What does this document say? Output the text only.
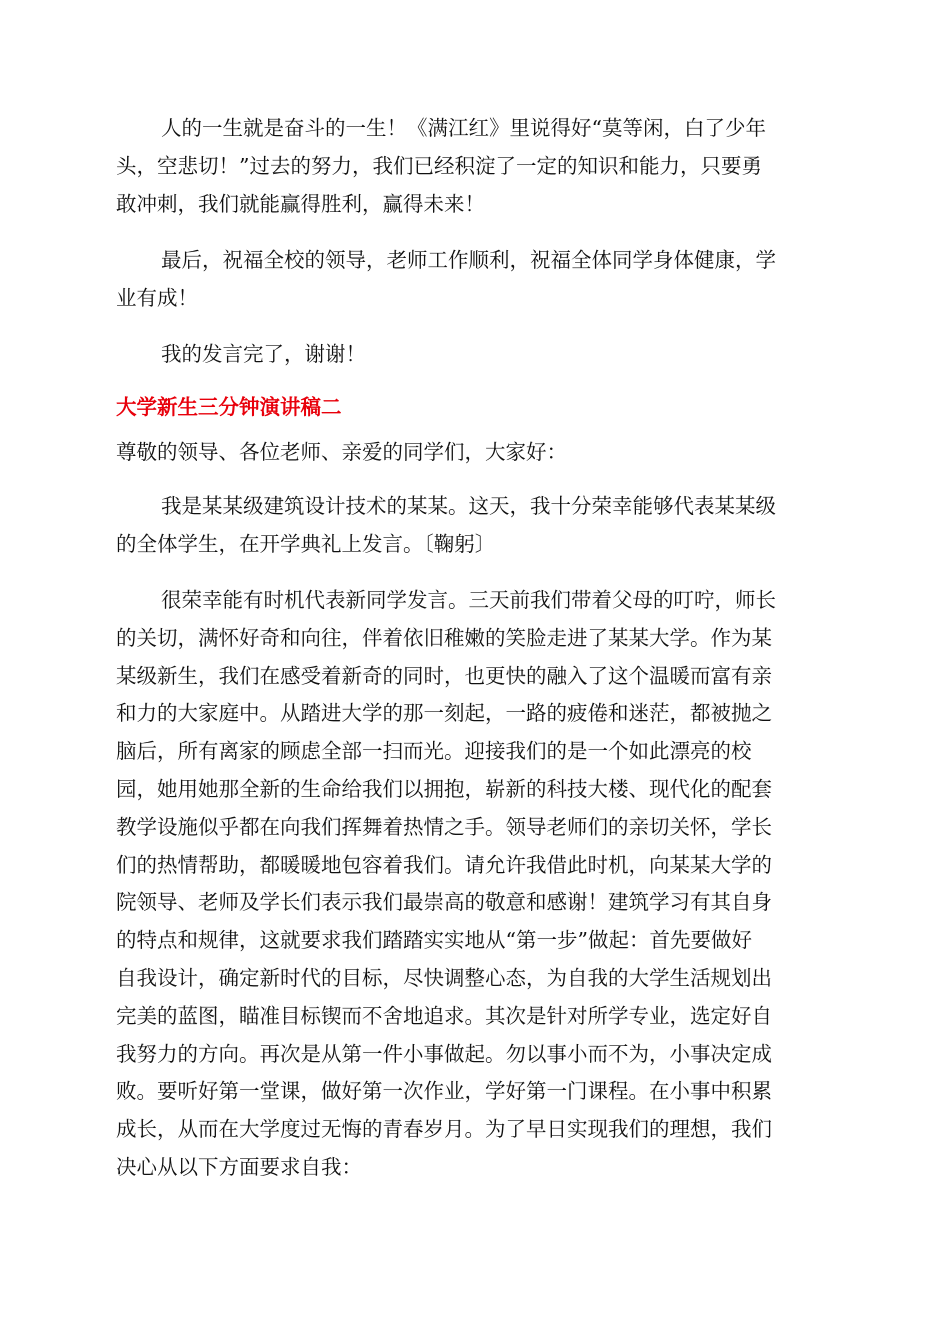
人的一生就是奋斗的一生！《满江红》里说得好“莫等闲，白了少年
头，空悲切！”过去的努力，我们已经积淀了一定的知识和能力，只要勇
敢冲刺，我们就能赢得胜利，赢得未来！
最后，祝福全校的领导，老师工作顺利，祝福全体同学身体健康，学
业有成！
我的发言完了，谢谢！
大学新生三分钟演讲稿二

尊敬的领导、各位老师、亲爱的同学们，大家好：

我是某某级建筑设计技术的某某。这天，我十分荣幸能够代表某某级
的全体学生，在开学典礼上发言。〔鞠躬〕
很荣幸能有时机代表新同学发言。三天前我们带着父母的叮咛，师长
的关切，满怀好奇和向往，伴着依旧稚嫩的笑脸走进了某某大学。作为某
某级新生，我们在感受着新奇的同时，也更快的融入了这个温暖而富有亲
和力的大家庭中。从踏进大学的那一刻起，一路的疲倦和迷茫，都被抛之
脑后，所有离家的顾虑全部一扫而光。迎接我们的是一个如此漂亮的校
园，她用她那全新的生命给我们以拥抱，崭新的科技大楼、现代化的配套
教学设施似乎都在向我们挥舞着热情之手。领导老师们的亲切关怀，学长
们的热情帮助，都暖暖地包容着我们。请允许我借此时机，向某某大学的
院领导、老师及学长们表示我们最崇高的敬意和感谢！建筑学习有其自身
的特点和规律，这就要求我们踏踏实实地从“第一步”做起：首先要做好
自我设计，确定新时代的目标，尽快调整心态，为自我的大学生活规划出
完美的蓝图，瞄准目标锲而不舍地追求。其次是针对所学专业，选定好自
我努力的方向。再次是从第一件小事做起。勿以事小而不为，小事决定成
败。要听好第一堂课，做好第一次作业，学好第一门课程。在小事中积累
成长，从而在大学度过无悔的青春岁月。为了早日实现我们的理想，我们
决心从以下方面要求自我：
